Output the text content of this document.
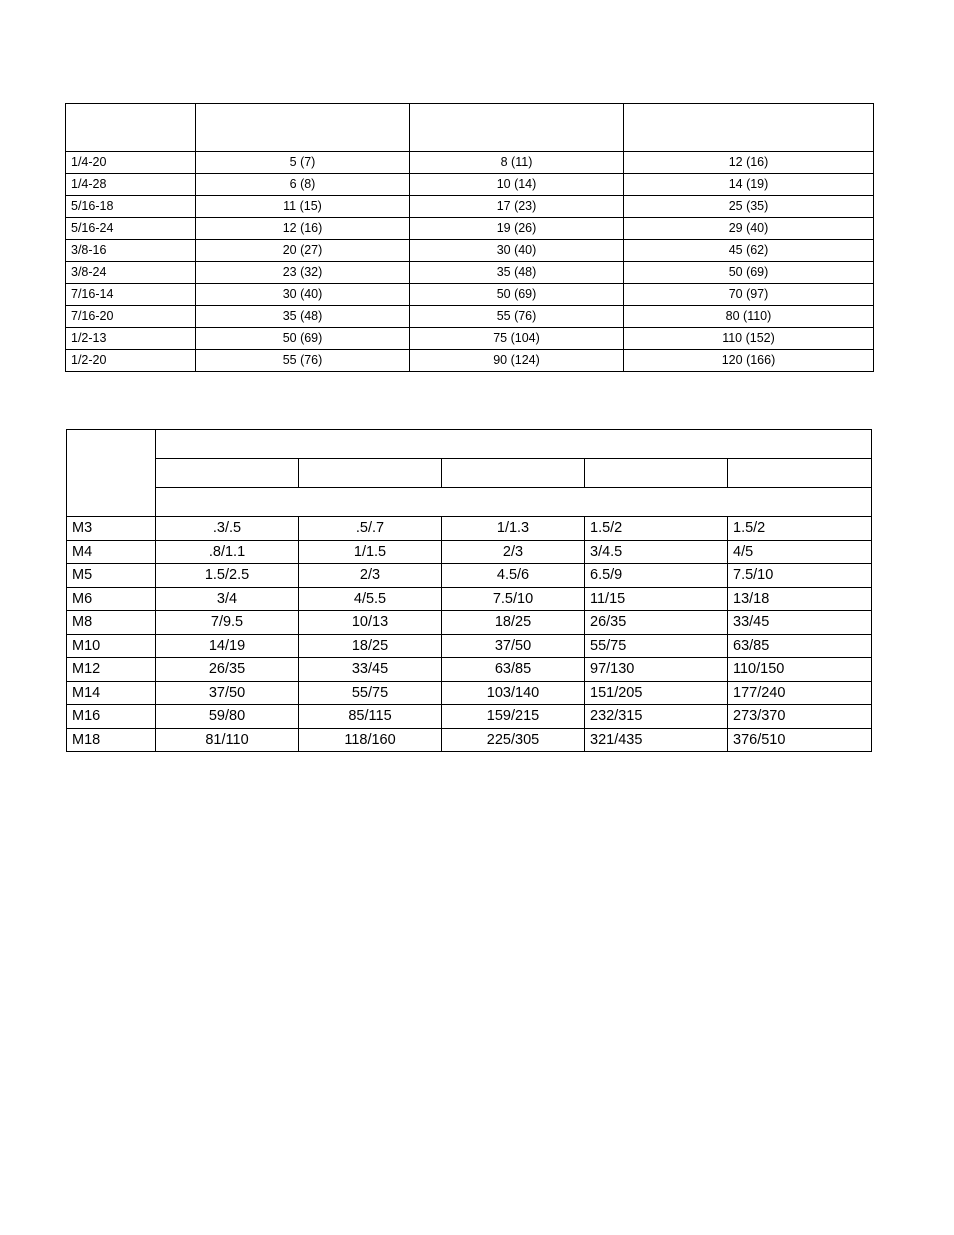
1/4-20	5 (7)	8 (11)	12 (16)
1/4-28	6 (8)	10 (14)	14 (19)
5/16-18	11 (15)	17 (23)	25 (35)
5/16-24	12 (16)	19 (26)	29 (40)
3/8-16	20 (27)	30 (40)	45 (62)
3/8-24	23 (32)	35 (48)	50 (69)
7/16-14	30 (40)	50 (69)	70 (97)
7/16-20	35 (48)	55 (76)	80 (110)
1/2-13	50 (69)	75 (104)	110 (152)
1/2-20	55 (76)	90 (124)	120 (166)

M3	.3/.5	.5/.7	1/1.3	1.5/2	1.5/2
M4	.8/1.1	1/1.5	2/3	3/4.5	4/5
M5	1.5/2.5	2/3	4.5/6	6.5/9	7.5/10
M6	3/4	4/5.5	7.5/10	11/15	13/18
M8	7/9.5	10/13	18/25	26/35	33/45
M10	14/19	18/25	37/50	55/75	63/85
M12	26/35	33/45	63/85	97/130	110/150
M14	37/50	55/75	103/140	151/205	177/240
M16	59/80	85/115	159/215	232/315	273/370
M18	81/110	118/160	225/305	321/435	376/510
